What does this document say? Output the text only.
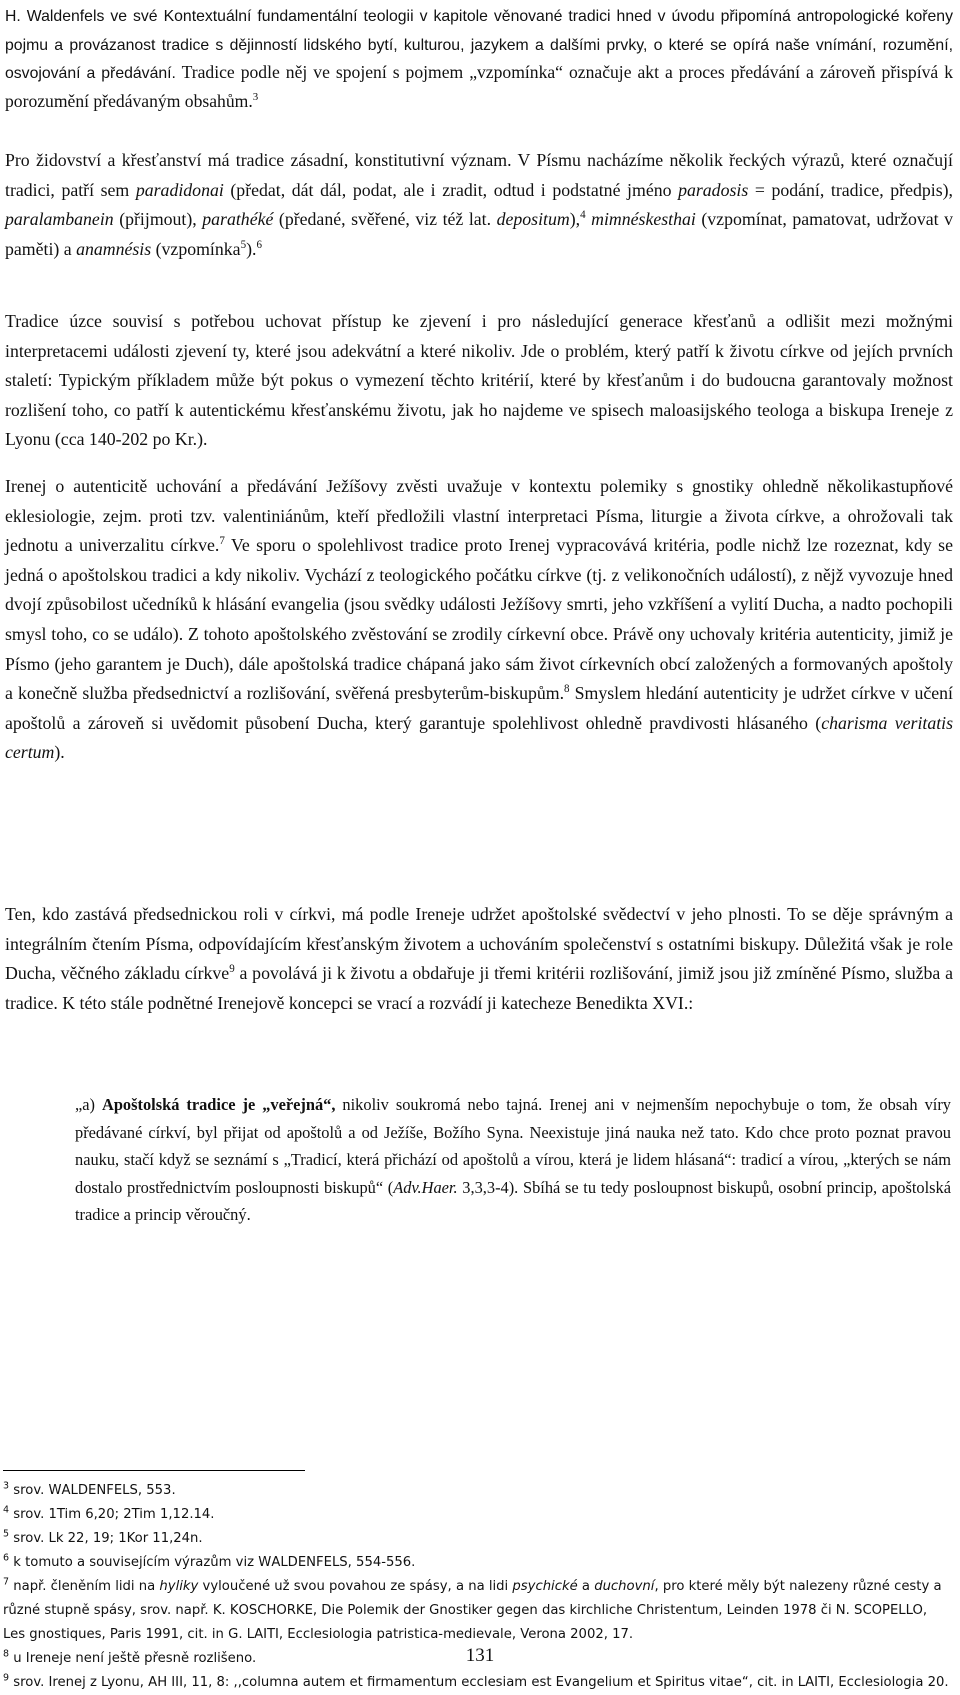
H. Waldenfels ve své Kontextuální fundamentální teologii v kapitole věnované tradici hned v úvodu připomíná antropologické kořeny pojmu a provázanost tradice s dějinností lidského bytí, kulturou, jazykem a dalšími prvky, o které se opírá naše vnímání, rozumění, osvojování a předávání. Tradice podle něj ve spojení s pojmem „vzpomínka“ označuje akt a proces předávání a zároveň přispívá k porozumění předávaným obsahům.$^3$

Pro židovství a křesťanství má tradice zásadní, konstitutivní význam. V Písmu nacházíme několik řeckých výrazů, které označují tradici, patří sem paradidonai (předat, dát dál, podat, ale i zradit, odtud i podstatné jméno paradosis = podání, tradice, předpis), paralambanein (přijmout), parathéké (předané, svěřené, viz též lat. depositum),$^4$ mimnéskesthai (vzpomínat, pamatovat, udržovat v paměti) a anamnésis (vzpomínka$^5$).$^6$

Tradice úzce souvisí s potřebou uchovat přístup ke zjevení i pro následující generace křesťanů a odlišit mezi možnými interpretacemi události zjevení ty, které jsou adekvátní a které nikoliv. Jde o problém, který patří k životu církve od jejích prvních staletí: Typickým příkladem může být pokus o vymezení těchto kritérií, které by křesťanům i do budoucna garantovaly možnost rozlišení toho, co patří k autentickému křesťanskému životu, jak ho najdeme ve spisech maloasijského teologa a biskupa Ireneje z Lyonu (cca 140-202 po Kr.).

Irenej o autenticitě uchování a předávání Ježíšovy zvěsti uvažuje v kontextu polemiky s gnostiky ohledně několikastupňové eklesiologie, zejm. proti tzv. valentiniánům, kteří předložili vlastní interpretaci Písma, liturgie a života církve, a ohrožovali tak jednotu a univerzalitu církve.$^7$ Ve sporu o spolehlivost tradice proto Irenej vypracovává kritéria, podle nichž lze rozeznat, kdy se jedná o apoštolskou tradici a kdy nikoliv. Vychází z teologického počátku církve (tj. z velikonočních událostí), z nějž vyvozuje hned dvojí způsobilost učedníků k hlásání evangelia (jsou svědky události Ježíšovy smrti, jeho vzkříšení a vylití Ducha, a nadto pochopili smysl toho, co se událo). Z tohoto apoštolského zvěstování se zrodily církevní obce. Právě ony uchovaly kritéria autenticity, jimiž je Písmo (jeho garantem je Duch), dále apoštolská tradice chápaná jako sám život církevních obcí založených a formovaných apoštoly a konečně služba předsednictví a rozlišování, svěřená presbyterům-biskupům.$^8$ Smyslem hledání autenticity je udržet církve v učení apoštolů a zároveň si uvědomit působení Ducha, který garantuje spolehlivost ohledně pravdivosti hlásaného (charisma veritatis certum).

Ten, kdo zastává předsednickou roli v církvi, má podle Ireneje udržet apoštolské svědectví v jeho plnosti. To se děje správným a integrálním čtením Písma, odpovídajícím křesťanským životem a uchováním společenství s ostatními biskupy. Důležitá však je role Ducha, věčného základu církve$^9$ a povolává ji k životu a obdařuje ji třemi kritérii rozlišování, jimiž jsou již zmíněné Písmo, služba a tradice. K této stále podnětné Irenejově koncepci se vrací a rozvádí ji katecheze Benedikta XVI.:

„a) Apoštolská tradice je „veřejná“, nikoliv soukromá nebo tajná. Irenej ani v nejmenším nepochybuje o tom, že obsah víry předávané církví, byl přijat od apoštolů a od Ježíše, Božího Syna. Neexistuje jiná nauka než tato. Kdo chce proto poznat pravou nauku, stačí když se seznámí s „Tradicí, která přichází od apoštolů a vírou, která je lidem hlásaná“: tradicí a vírou, „kterých se nám dostalo prostřednictvím posloupnosti biskupů“ (Adv.Haer. 3,3,3-4). Sbíhá se tu tedy posloupnost biskupů, osobní princip, apoštolská tradice a princip věroučný.

$^3$ srov. WALDENFELS, 553.

$^4$ srov. 1Tim 6,20; 2Tim 1,12.14.

$^5$ srov. Lk 22, 19; 1Kor 11,24n.

$^6$ k tomuto a souvisejícím výrazům viz WALDENFELS, 554-556.

$^7$ např. členěním lidi na hyliky vyloučené už svou povahou ze spásy, a na lidi psychické a duchovní, pro které měly být nalezeny různé cesty a různé stupně spásy, srov. např. K. KOSCHORKE, Die Polemik der Gnostiker gegen das kirchliche Christentum, Leinden 1978 či N. SCOPELLO, Les gnostiques, Paris 1991, cit. in G. LAITI, Ecclesiologia patristica-medievale, Verona 2002, 17.

$^8$ u Ireneje není ještě přesně rozlišeno.

$^9$ srov. Irenej z Lyonu, AH III, 11, 8: ,,columna autem et firmamentum ecclesiam est Evangelium et Spiritus vitae“, cit. in LAITI, Ecclesiologia 20.

131
